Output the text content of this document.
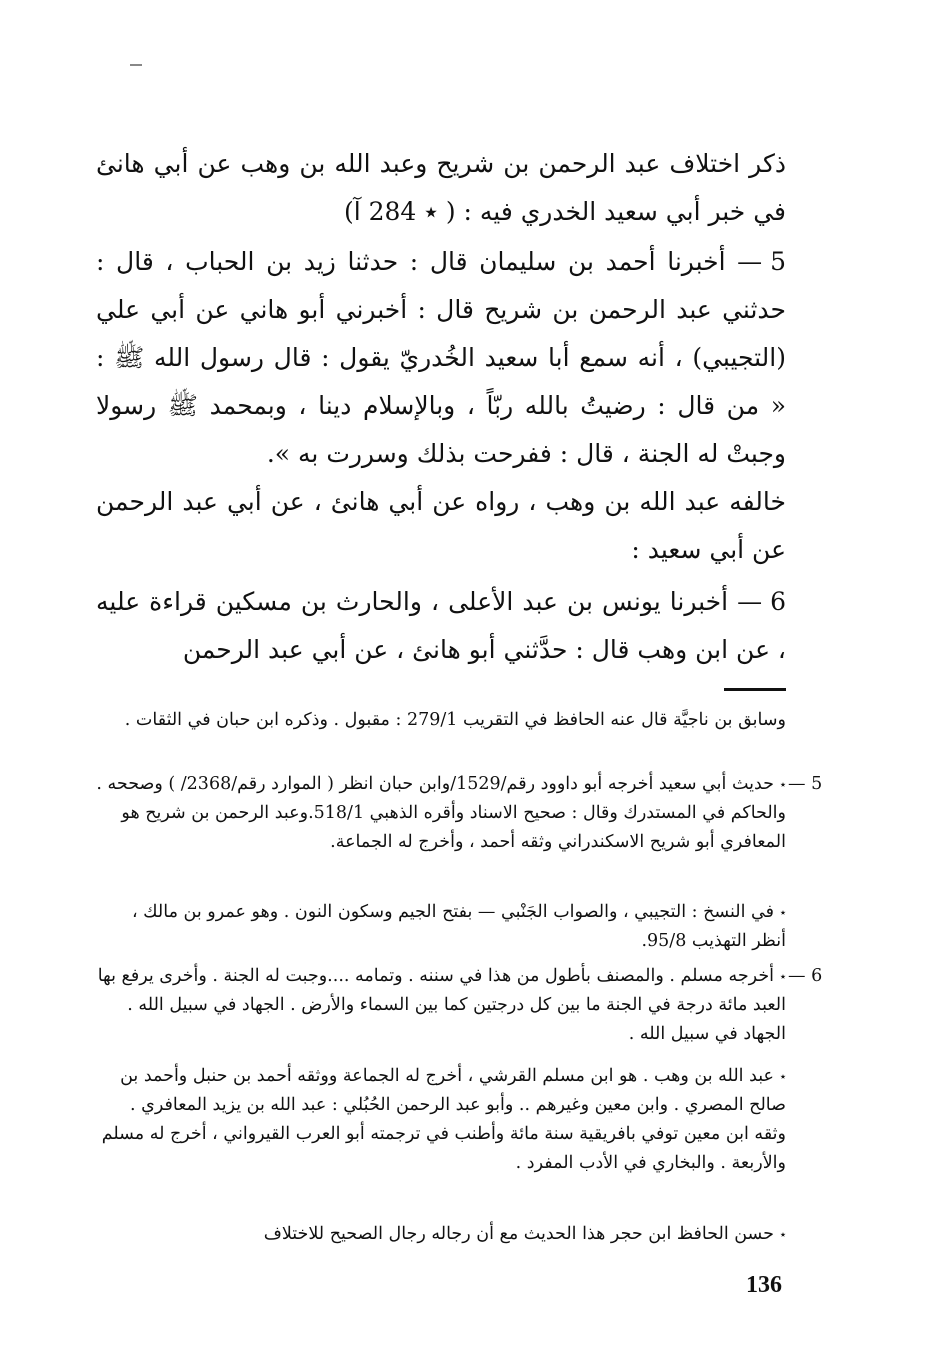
ذكر اختلاف عبد الرحمن بن شريح وعبد الله بن وهب عن أبي هانئ في خبر أبي سعيد الخدري فيه : ( ٭ 284 آ)
5 — أخبرنا أحمد بن سليمان قال : حدثنا زيد بن الحباب ، قال : حدثني عبد الرحمن بن شريح قال : أخبرني أبو هاني عن أبي علي (التجيبي) ، أنه سمع أبا سعيد الخُدريّ يقول : قال رسول الله ﷺ : « من قال : رضيتُ بالله ربّاً ، وبالإسلام دينا ، وبمحمد ﷺ رسولا وجبتْ له الجنة ، قال : ففرحت بذلك وسررت به ».
خالفه عبد الله بن وهب ، رواه عن أبي هانئ ، عن أبي عبد الرحمن عن أبي سعيد :
6 — أخبرنا يونس بن عبد الأعلى ، والحارث بن مسكين قراءة عليه ، عن ابن وهب قال : حدَّثني أبو هانئ ، عن أبي عبد الرحمن
وسابق بن ناجيَّة قال عنه الحافظ في التقريب 279/1 : مقبول . وذكره ابن حبان في الثقات .
5 —
٭حديث أبي سعيد أخرجه أبو داوود رقم/1529/وابن حبان انظر ( الموارد رقم/2368/ ) وصححه . والحاكم في المستدرك وقال : صحيح الاسناد وأقره الذهبي 518/1.وعبد الرحمن بن شريح هو المعافري أبو شريح الاسكندراني وثقه أحمد ، وأخرج له الجماعة.
٭في النسخ : التجيبي ، والصواب الجَنْبي — بفتح الجيم وسكون النون . وهو عمرو بن مالك ، أنظر التهذيب 95/8.
6 —
٭أخرجه مسلم . والمصنف بأطول من هذا في سننه . وتمامه ....وجبت له الجنة . وأخرى يرفع بها العبد مائة درجة في الجنة ما بين كل درجتين كما بين السماء والأرض . الجهاد في سبيل الله . الجهاد في سبيل الله .
٭عبد الله بن وهب . هو ابن مسلم القرشي ، أخرج له الجماعة ووثقه أحمد بن حنبل وأحمد بن صالح المصري . وابن معين وغيرهم .. وأبو عبد الرحمن الحُبُلي : عبد الله بن يزيد المعافري . وثقه ابن معين توفي بافريقية سنة مائة وأطنب في ترجمته أبو العرب القيرواني ، أخرج له مسلم والأربعة . والبخاري في الأدب المفرد .
٭حسن الحافظ ابن حجر هذا الحديث مع أن رجاله رجال الصحيح للاختلاف
136
